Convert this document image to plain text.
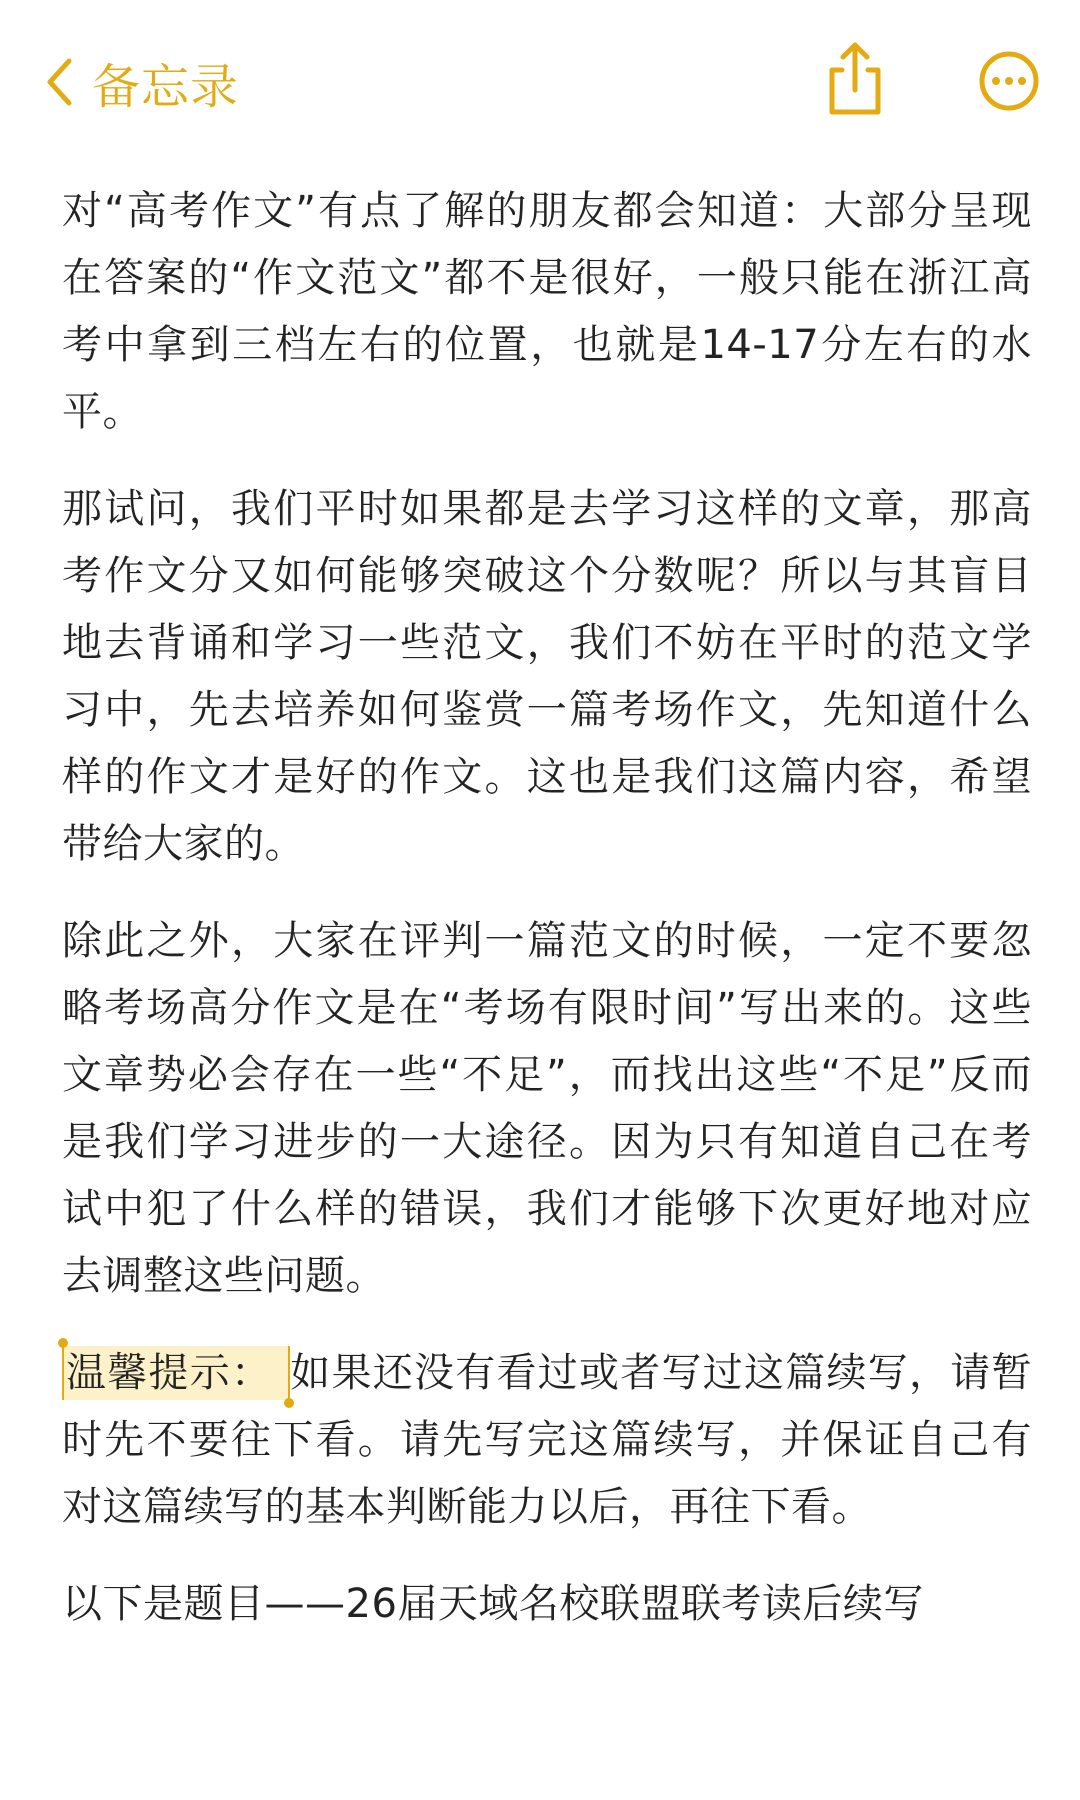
备忘录

对“高考作文”有点了解的朋友都会知道：大部分呈现在答案的“作文范文”都不是很好，一般只能在浙江高考中拿到三档左右的位置，也就是14-17分左右的水平。

那试问，我们平时如果都是去学习这样的文章，那高考作文分又如何能够突破这个分数呢？所以与其盲目地去背诵和学习一些范文，我们不妨在平时的范文学习中，先去培养如何鉴赏一篇考场作文，先知道什么样的作文才是好的作文。这也是我们这篇内容，希望带给大家的。

除此之外，大家在评判一篇范文的时候，一定不要忽略考场高分作文是在“考场有限时间”写出来的。这些文章势必会存在一些“不足”，而找出这些“不足”反而是我们学习进步的一大途径。因为只有知道自己在考试中犯了什么样的错误，我们才能够下次更好地对应去调整这些问题。

温馨提示： 如果还没有看过或者写过这篇续写，请暂时先不要往下看。请先写完这篇续写，并保证自己有对这篇续写的基本判断能力以后，再往下看。

以下是题目——26届天域名校联盟联考读后续写
